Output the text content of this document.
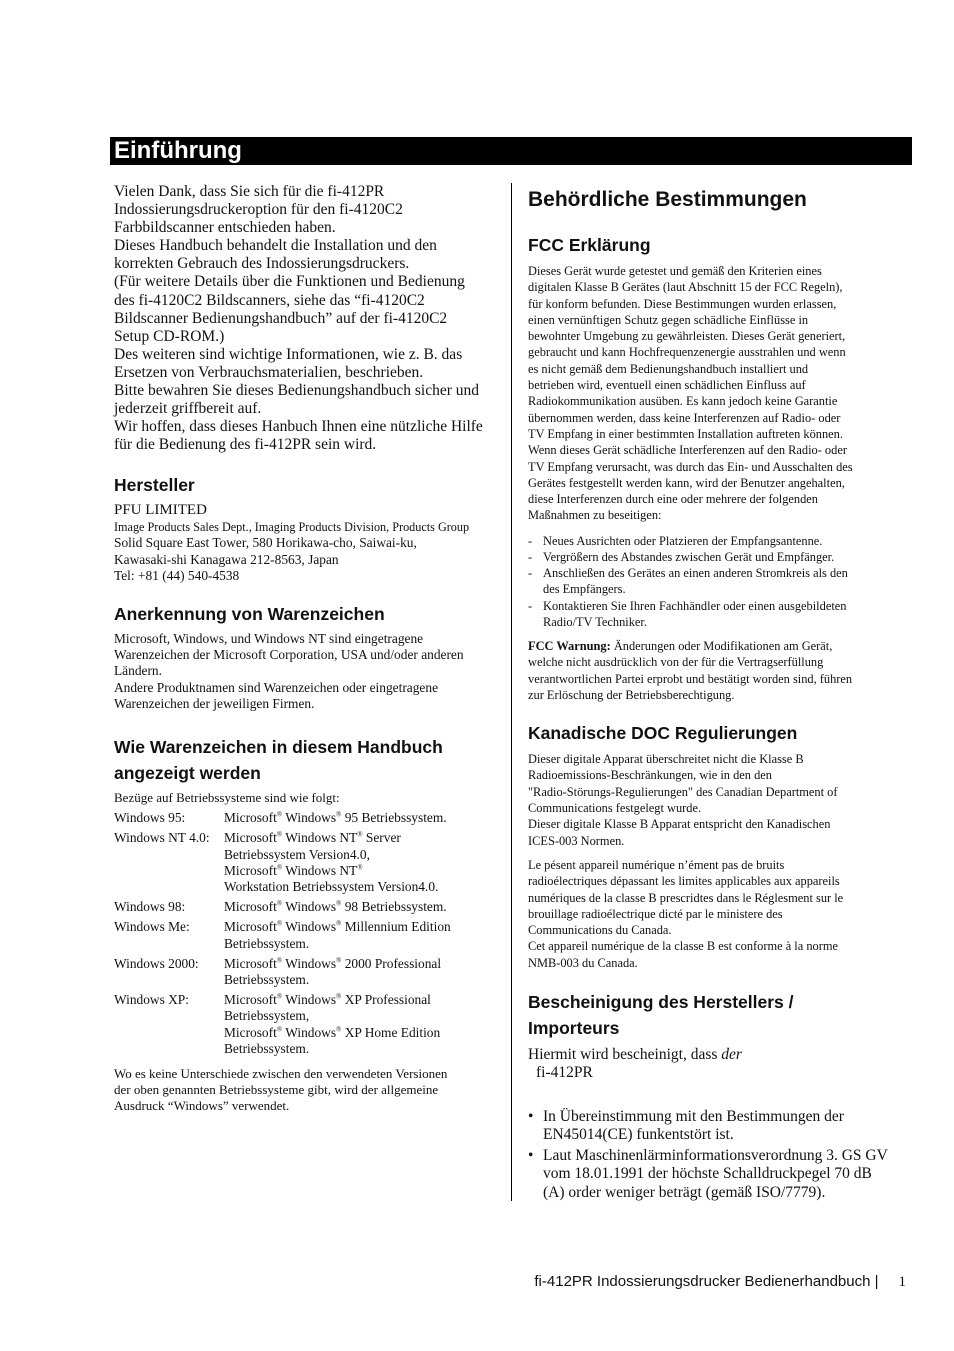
Einführung
Vielen Dank, dass Sie sich für die fi-412PR
Indossierungsdruckeroption für den fi-4120C2
Farbbildscanner entschieden haben.
Dieses Handbuch behandelt die Installation und den
korrekten Gebrauch des Indossierungsdruckers.
(Für weitere Details über die Funktionen und Bedienung
des fi-4120C2 Bildscanners, siehe das “fi-4120C2
Bildscanner Bedienungshandbuch” auf der fi-4120C2
Setup CD-ROM.)
Des weiteren sind wichtige Informationen, wie z. B. das
Ersetzen von Verbrauchsmaterialien, beschrieben.
Bitte bewahren Sie dieses Bedienungshandbuch sicher und
jederzeit griffbereit auf.
Wir hoffen, dass dieses Hanbuch Ihnen eine nützliche Hilfe
für die Bedienung des fi-412PR sein wird.
Hersteller
PFU LIMITED
Image Products Sales Dept., Imaging Products Division, Products Group
Solid Square East Tower, 580 Horikawa-cho, Saiwai-ku,
Kawasaki-shi Kanagawa 212-8563, Japan
Tel: +81 (44) 540-4538
Anerkennung von Warenzeichen
Microsoft, Windows, und Windows NT sind eingetragene
Warenzeichen der Microsoft Corporation, USA und/oder anderen
Ländern.
Andere Produktnamen sind Warenzeichen oder eingetragene
Warenzeichen der jeweiligen Firmen.
Wie Warenzeichen in diesem Handbuch
angezeigt werden
Bezüge auf Betriebssysteme sind wie folgt:
Windows 95:	Microsoft® Windows® 95 Betriebssystem.
Windows NT 4.0:	Microsoft® Windows NT® Server
Betriebssystem Version4.0,
Microsoft® Windows NT®
Workstation Betriebssystem Version4.0.
Windows 98:	Microsoft® Windows® 98 Betriebssystem.
Windows Me:	Microsoft® Windows® Millennium Edition
Betriebssystem.
Windows 2000:	Microsoft® Windows® 2000 Professional
Betriebssystem.
Windows XP:	Microsoft® Windows® XP Professional
Betriebssystem,
Microsoft® Windows® XP Home Edition
Betriebssystem.
Wo es keine Unterschiede zwischen den verwendeten Versionen
der oben genannten Betriebssysteme gibt, wird der allgemeine
Ausdruck “Windows” verwendet.
Behördliche Bestimmungen
FCC Erklärung
Dieses Gerät wurde getestet und gemäß den Kriterien eines
digitalen Klasse B Gerätes (laut Abschnitt 15 der FCC Regeln),
für konform befunden. Diese Bestimmungen wurden erlassen,
einen vernünftigen Schutz gegen schädliche Einflüsse in
bewohnter Umgebung zu gewährleisten. Dieses Gerät generiert,
gebraucht und kann Hochfrequenzenergie ausstrahlen und wenn
es nicht gemäß dem Bedienungshandbuch installiert und
betrieben wird, eventuell einen schädlichen Einfluss auf
Radiokommunikation ausüben. Es kann jedoch keine Garantie
übernommen werden, dass keine Interferenzen auf Radio- oder
TV Empfang in einer bestimmten Installation auftreten können.
Wenn dieses Gerät schädliche Interferenzen auf den Radio- oder
TV Empfang verursacht, was durch das Ein- und Ausschalten des
Gerätes festgestellt werden kann, wird der Benutzer angehalten,
diese Interferenzen durch eine oder mehrere der folgenden
Maßnahmen zu beseitigen:
- Neues Ausrichten oder Platzieren der Empfangsantenne.
- Vergrößern des Abstandes zwischen Gerät und Empfänger.
- Anschließen des Gerätes an einen anderen Stromkreis als den
des Empfängers.
- Kontaktieren Sie Ihren Fachhändler oder einen ausgebildeten
Radio/TV Techniker.
FCC Warnung: Änderungen oder Modifikationen am Gerät,
welche nicht ausdrücklich von der für die Vertragserfüllung
verantwortlichen Partei erprobt und bestätigt worden sind, führen
zur Erlöschung der Betriebsberechtigung.
Kanadische DOC Regulierungen
Dieser digitale Apparat überschreitet nicht die Klasse B
Radioemissions-Beschränkungen, wie in den den
"Radio-Störungs-Regulierungen" des Canadian Department of
Communications festgelegt wurde.
Dieser digitale Klasse B Apparat entspricht den Kanadischen
ICES-003 Normen.
Le pésent appareil numérique n’ément pas de bruits
radioélectriques dépassant les limites applicables aux appareils
numériques de la classe B prescridtes dans le Réglesment sur le
brouillage radioélectrique dicté par le ministere des
Communications du Canada.
Cet appareil numérique de la classe B est conforme à la norme
NMB-003 du Canada.
Bescheinigung des Herstellers /
Importeurs
Hiermit wird bescheinigt, dass der
fi-412PR
• In Übereinstimmung mit den Bestimmungen der
EN45014(CE) funkentstört ist.
• Laut Maschinenlärminformationsverordnung 3. GS GV
vom 18.01.1991 der höchste Schalldruckpegel 70 dB
(A) order weniger beträgt (gemäß ISO/7779).
fi-412PR Indossierungsdrucker Bedienerhandbuch | 1
